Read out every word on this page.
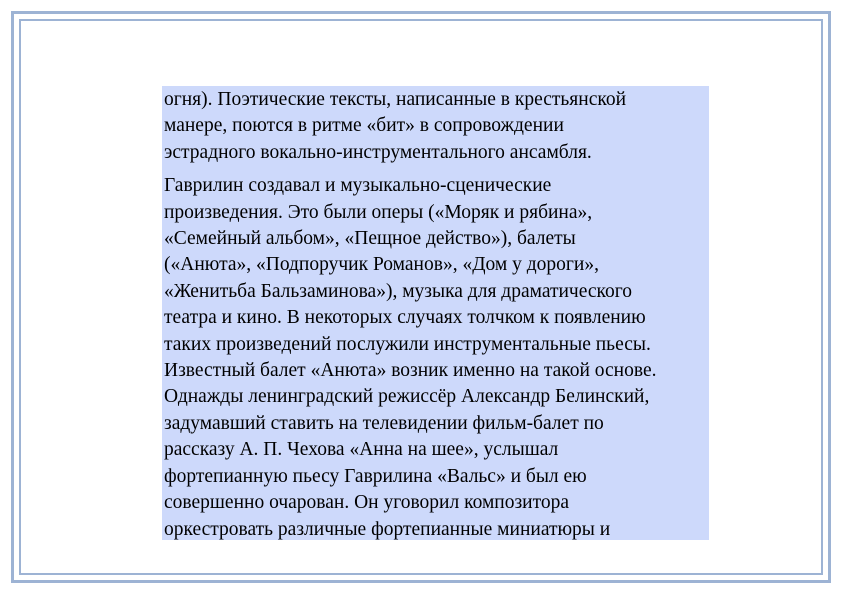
огня). Поэтические тексты, написанные в крестьянской
манере, поются в ритме «бит» в сопровождении
эстрадного вокально-инструментального ансамбля.

Гаврилин создавал и музыкально-сценические
произведения. Это были оперы («Моряк и рябина»,
«Семейный альбом», «Пещное действо»), балеты
(«Анюта», «Подпоручик Романов», «Дом у дороги»,
«Женитьба Бальзаминова»), музыка для драматического
театра и кино. В некоторых случаях толчком к появлению
таких произведений послужили инструментальные пьесы.
Известный балет «Анюта» возник именно на такой основе.
Однажды ленинградский режиссёр Александр Белинский,
задумавший ставить на телевидении фильм-балет по
рассказу А. П. Чехова «Анна на шее», услышал
фортепианную пьесу Гаврилина «Вальс» и был ею
совершенно очарован. Он уговорил композитора
оркестровать различные фортепианные миниатюры и
